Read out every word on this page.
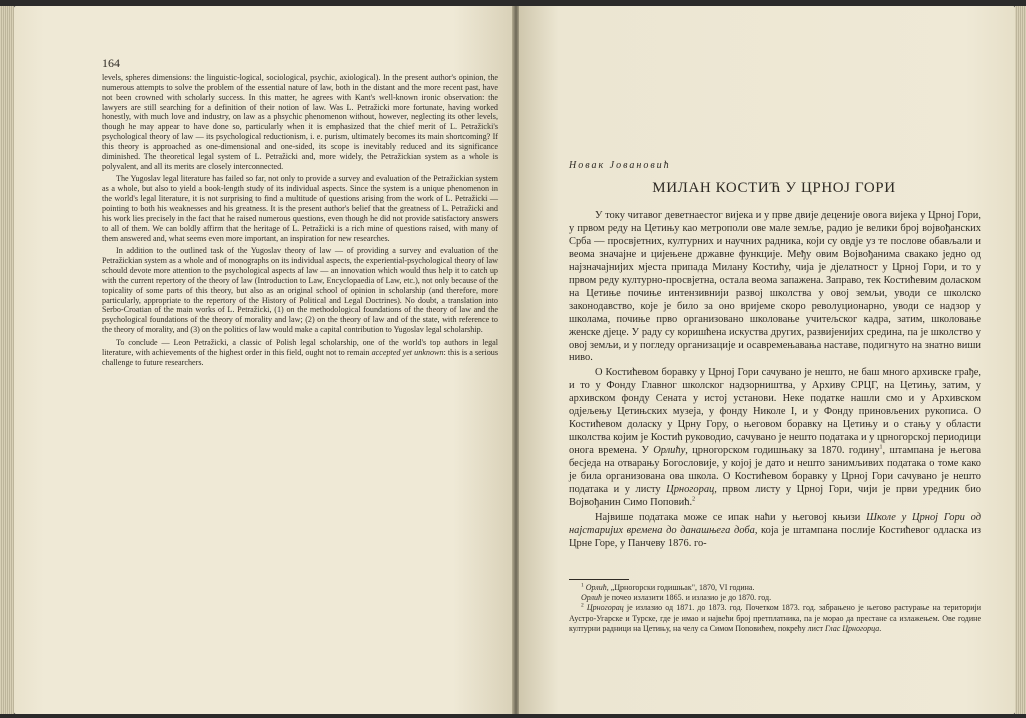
164

levels, spheres dimensions: the linguistic-logical, sociological, psychic, axiological). In the present author's opinion, the numerous attempts to solve the problem of the essential nature of law, both in the distant and the more recent past, have not been crowned with scholarly success. In this matter, he agrees with Kant's well-known ironic observation: the lawyers are still searching for a definition of their notion of law. Was L. Petražicki more fortunate, having worked honestly, with much love and industry, on law as a phsychic phenomenon without, however, neglecting its other levels, though he may appear to have done so, particularly when it is emphasized that the chief merit of L. Petražicki's psychological theory of law — its psychological reductionism, i. e. purism, ultimately becomes its main shortcoming? If this theory is approached as one-dimensional and one-sided, its scope is inevitably reduced and its significance diminished. The theoretical legal system of L. Petražicki and, more widely, the Petražickian system as a whole is polyvalent, and all its merits are closely interconnected.

The Yugoslav legal literature has failed so far, not only to provide a survey and evaluation of the Petražickian system as a whole, but also to yield a book-length study of its individual aspects. Since the system is a unique phenomenon in the world's legal literature, it is not surprising to find a multitude of questions arising from the work of L. Petražicki — pointing to both his weaknesses and his greatness. It is the present author's belief that the greatness of L. Petražicki and his work lies precisely in the fact that he raised numerous questions, even though he did not provide satisfactory answers to all of them. We can boldly affirm that the heritage of L. Petražicki is a rich mine of questions raised, with many of them answered and, what seems even more important, an inspiration for new researches.

In addition to the outlined task of the Yugoslav theory of law — of providing a survey and evaluation of the Petražickian system as a whole and of monographs on its individual aspects, the experiential-psychological theory of law schould devote more attention to the psychological aspects af law — an innovation which would thus help it to catch up with the current repertory of the theory of law (Introduction to Law, Encyclopaedia of Law, etc.), not only because of the topicality of some parts of this theory, but also as an original school of opinion in scholarship (and therefore, more particularly, appropriate to the repertory of the History of Political and Legal Doctrines). No doubt, a translation into Serbo-Croatian of the main works of L. Petražicki, (1) on the methodological foundations of the theory of law and the psychological foundations of the theory of morality and law; (2) on the theory of law and of the state, with reference to the theory of morality, and (3) on the politics of law would make a capital contribution to Yugoslav legal scholarship.

To conclude — Leon Petražicki, a classic of Polish legal scholarship, one of the world's top authors in legal literature, with achievements of the highest order in this field, ought not to remain accepted yet unknown: this is a serious challenge to future researchers.

Новак Јовановић
МИЛАН КОСТИЋ У ЦРНОЈ ГОРИ

У току читавог деветнаестог вијека и у прве двије деценије овога вијека у Црној Гори, у првом реду на Цетињу као метрополи ове мале земље, радио је велики број војвођанских Срба — просвјетних, културних и научних радника, који су овдје уз те послове обављали и веома значајне и цијењене државне функције. Међу овим Војвођанима свакако једно од најзначајнијих мјеста припада Милану Костићу, чија је дјелатност у Црној Гори, и то у првом реду културно-просвјетна, остала веома запажена. Заправо, тек Костићевим доласком на Цетиње почиње интензивнији развој школства у овој земљи, уводи се школско законодавство, које је било за оно вријеме скоро револуционарно, уводи се надзор у школама, почиње прво организовано школовање учитељског кадра, затим, школовање женске дјеце. У раду су коришћена искуства других, развијенијих средина, па је школство у овој земљи, и у погледу организације и осавремењавања наставе, подигнуто на знатно виши ниво.

О Костићевом боравку у Црној Гори сачувано је нешто, не баш много архивске грађе, и то у Фонду Главног школског надзорништва, у Архиву СРЦГ, на Цетињу, затим, у архивском фонду Сената у истој установи. Неке податке нашли смо и у Архивском одјељењу Цетињских музеја, у фонду Николе I, и у Фонду приновљених рукописа. О Костићевом доласку у Црну Гору, о његовом боравку на Цетињу и о стању у области школства којим је Костић руководио, сачувано је нешто података и у црногорској периодици онога времена. У Орлићу, црногорском годишњаку за 1870. годину$^1$, штампана је његова бесједа на отварању Богословије, у којој је дато и нешто занимљивих података о томе како је била организована ова школа. О Костићевом боравку у Црној Гори сачувано је нешто података и у листу Црногорац, првом листу у Црној Гори, чији је први уредник био Војвођанин Симо Поповић.$^2$

Највише података може се ипак наћи у његовој књизи Школе у Црној Гори од најстаријих времена до данашњега доба, која је штампана послије Костићевог одласка из Црне Горе, у Панчеву 1876. го-

$^1$ Орлић, „Црногорски годишњак", 1870, VI година.

Орлић је почео излазити 1865. и излазио је до 1870. год.

$^2$ Црногорац је излазио од 1871. до 1873. год. Почетком 1873. год. забрањено је његово растурање на територији Аустро-Угарске и Турске, где је имао и највећи број претплатника, па је морао да престане са излажењем. Ове године културни радници на Цетињу, на челу са Симом Поповићем, покрећу лист Глас Црногорца.
